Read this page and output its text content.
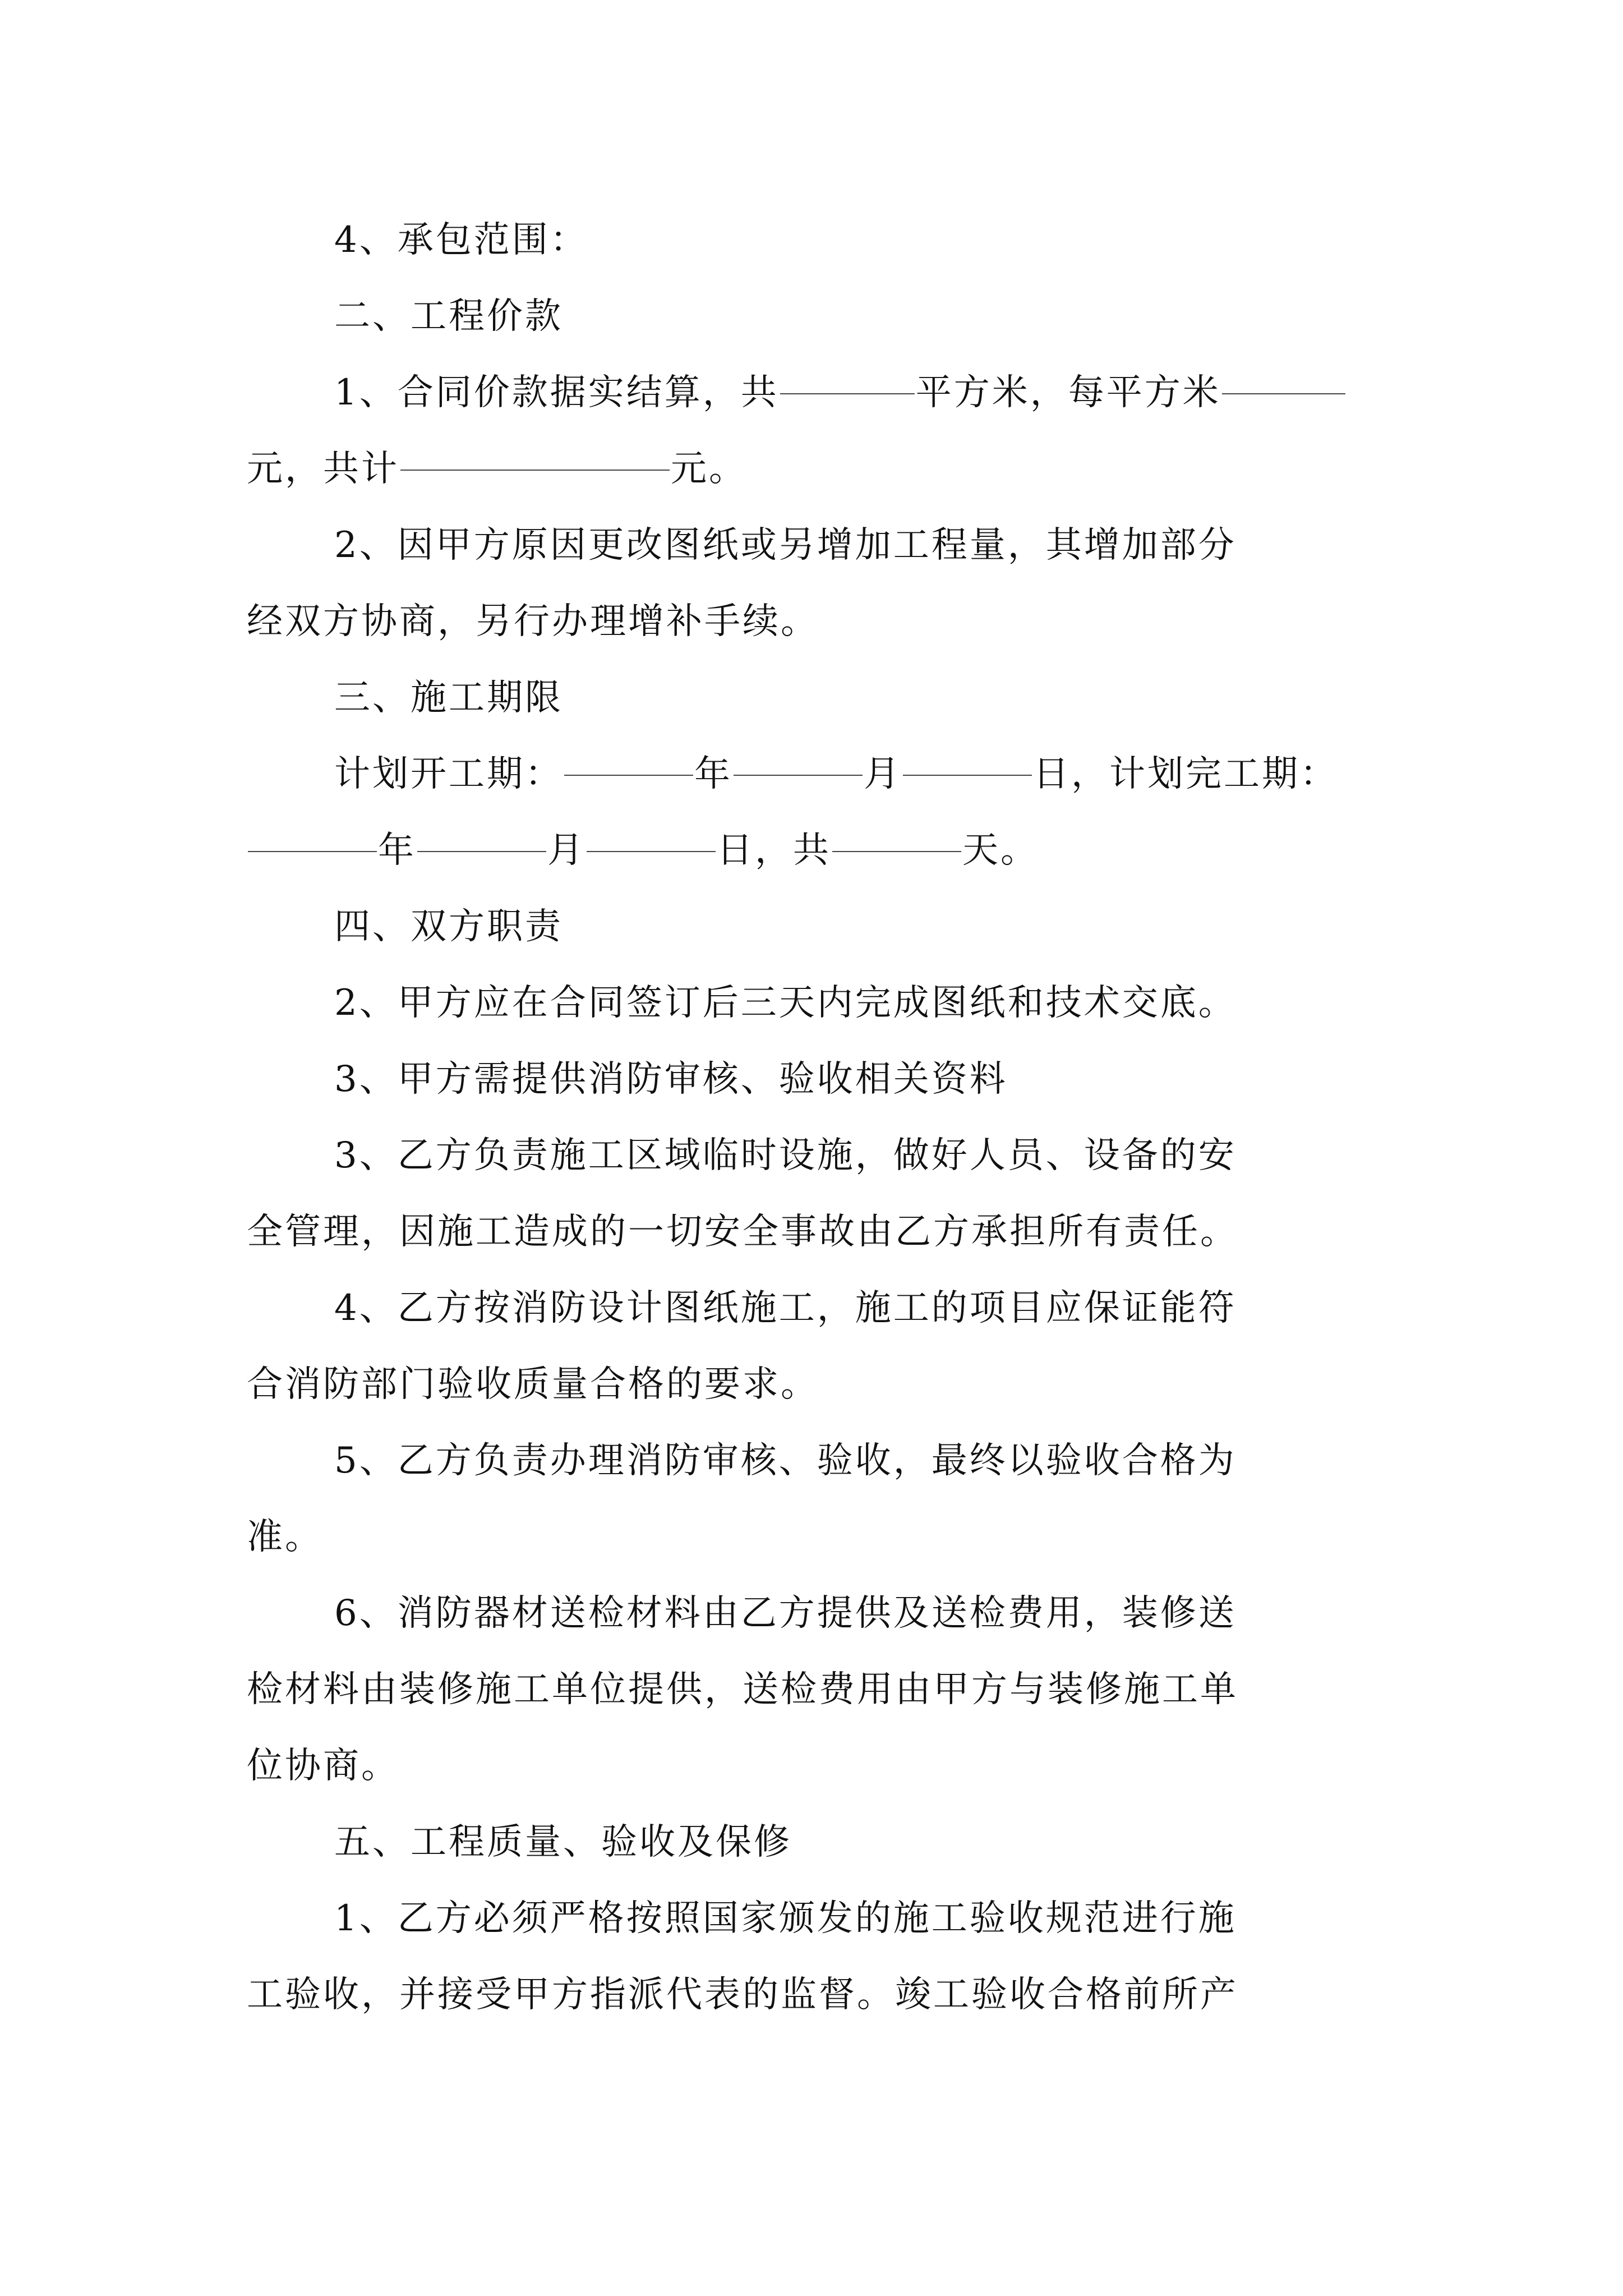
4、承包范围：
二、工程价款
1、合同价款据实结算，共	平方米，每平方米
元，共计	元。
2、因甲方原因更改图纸或另增加工程量，其增加部分
经双方协商，另行办理增补手续。
三、施工期限
计划开工期：	年	月	日，计划完工期：
年	月	日，共	天。
四、双方职责
2、甲方应在合同签订后三天内完成图纸和技术交底。
3、甲方需提供消防审核、验收相关资料
3、乙方负责施工区域临时设施，做好人员、设备的安
全管理，因施工造成的一切安全事故由乙方承担所有责任。
4、乙方按消防设计图纸施工，施工的项目应保证能符
合消防部门验收质量合格的要求。
5、乙方负责办理消防审核、验收，最终以验收合格为
准。
6、消防器材送检材料由乙方提供及送检费用，装修送
检材料由装修施工单位提供，送检费用由甲方与装修施工单
位协商。
五、工程质量、验收及保修
1、乙方必须严格按照国家颁发的施工验收规范进行施
工验收，并接受甲方指派代表的监督。竣工验收合格前所产
